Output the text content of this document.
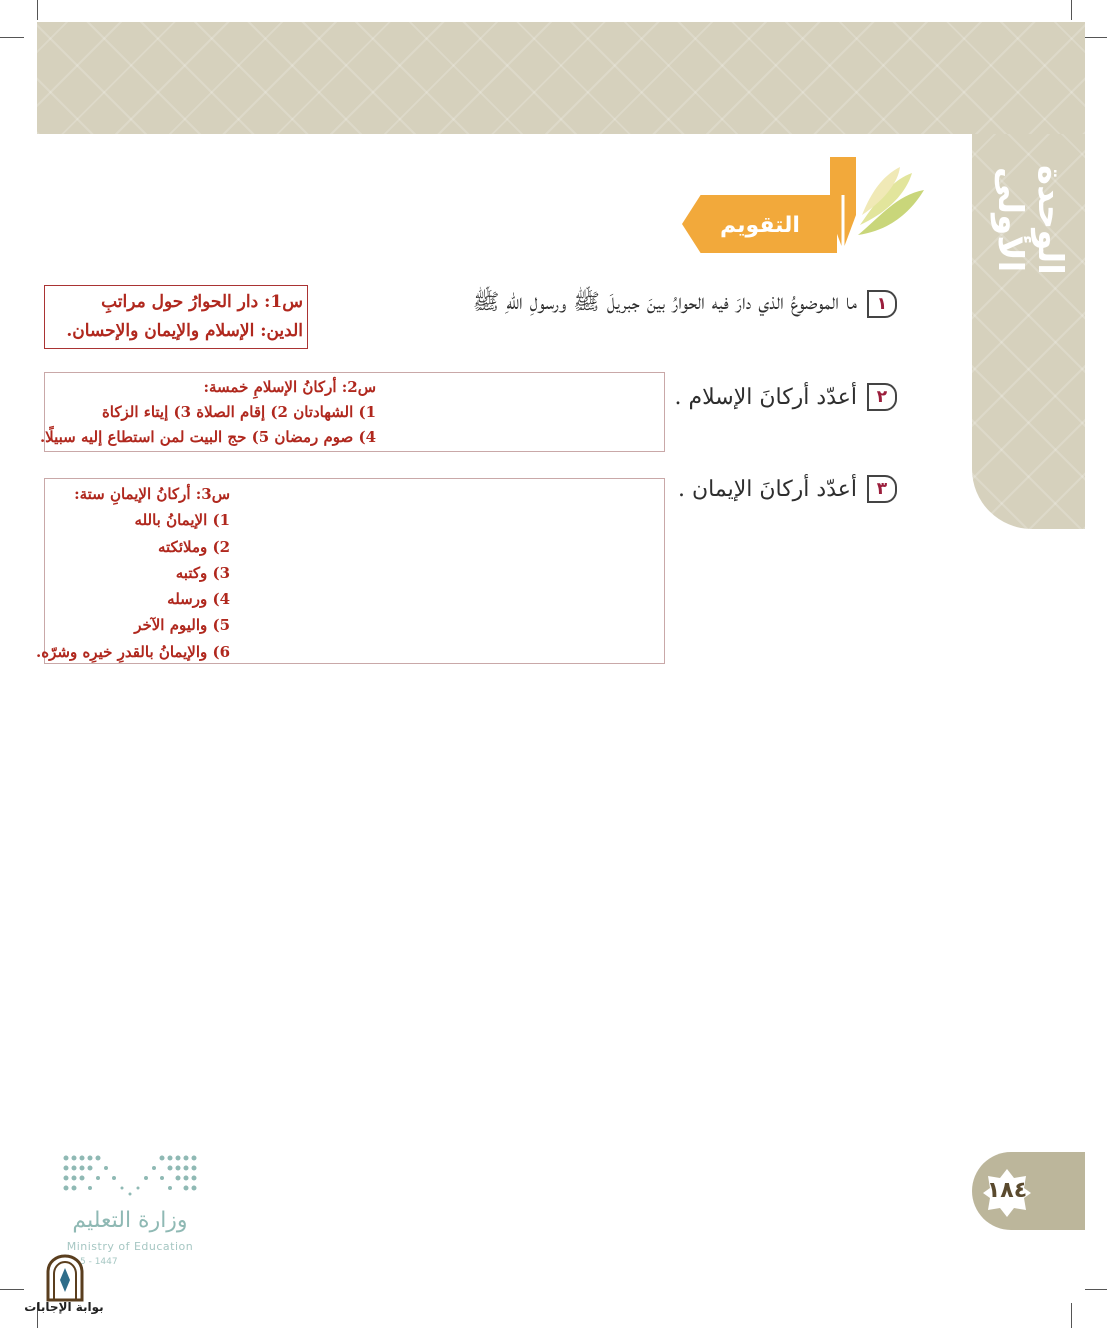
الوحدة الأولى
التقويم
١
ما الموضوعُ الذي دارَ فيه الحوارُ بينَ جبريلَ ﷺ ورسولِ اللهِ ﷺ
س1: دار الحوارُ حول مراتبِ
الدين: الإسلام والإيمان والإحسان.
٢
أعدّد أركانَ الإسلام .
س2: أركانُ الإسلامِ خمسة:
1) الشهادتان 2) إقام الصلاة 3) إيتاء الزكاة
4) صوم رمضان 5) حج البيت لمن استطاع إليه سبيلًا.
٣
أعدّد أركانَ الإيمان .
س3: أركانُ الإيمانِ ستة:
1) الإيمانُ بالله
2) وملائكته
3) وكتبه
4) ورسله
5) واليوم الآخر
6) والإيمانُ بالقدرِ خيرِه وشرّه.
١٨٤
وزارة التعليم
Ministry of Education
5 - 1447
بوابة الإجابات
